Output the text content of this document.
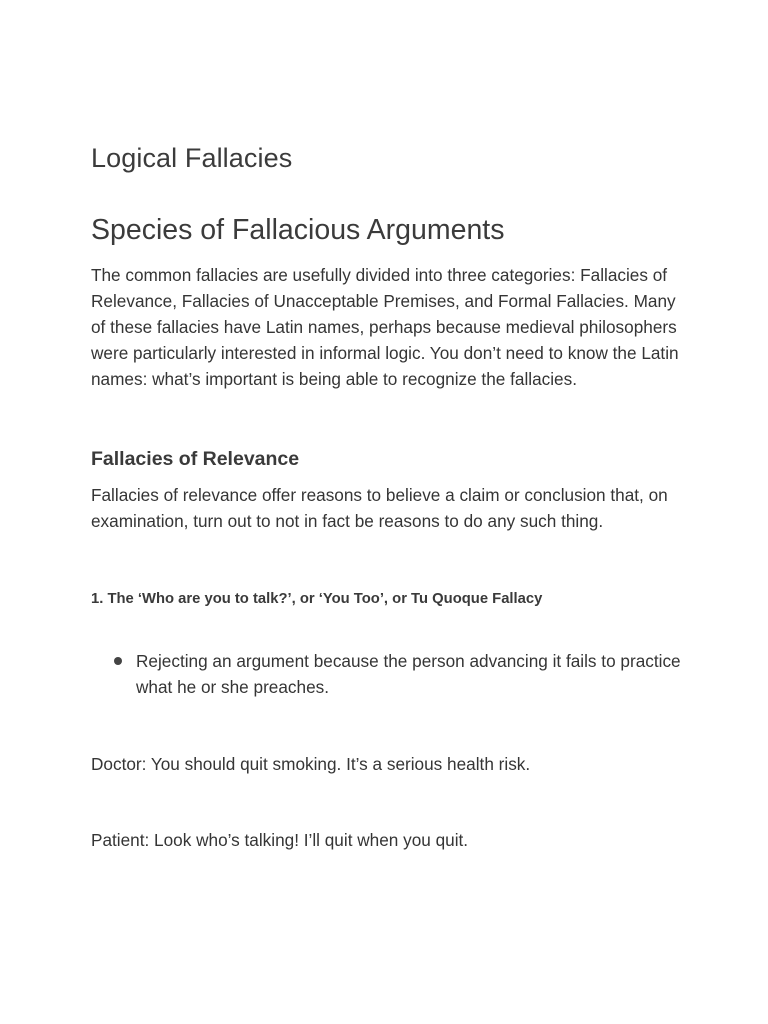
Logical Fallacies
Species of Fallacious Arguments

The common fallacies are usefully divided into three categories: Fallacies of Relevance, Fallacies of Unacceptable Premises, and Formal Fallacies. Many of these fallacies have Latin names, perhaps because medieval philosophers were particularly interested in informal logic. You don’t need to know the Latin names: what’s important is being able to recognize the fallacies.

Fallacies of Relevance

Fallacies of relevance offer reasons to believe a claim or conclusion that, on examination, turn out to not in fact be reasons to do any such thing.

1. The ‘Who are you to talk?’, or ‘You Too’, or Tu Quoque Fallacy
Rejecting an argument because the person advancing it fails to practice what he or she preaches.

Doctor: You should quit smoking. It’s a serious health risk.

Patient: Look who’s talking! I’ll quit when you quit.
